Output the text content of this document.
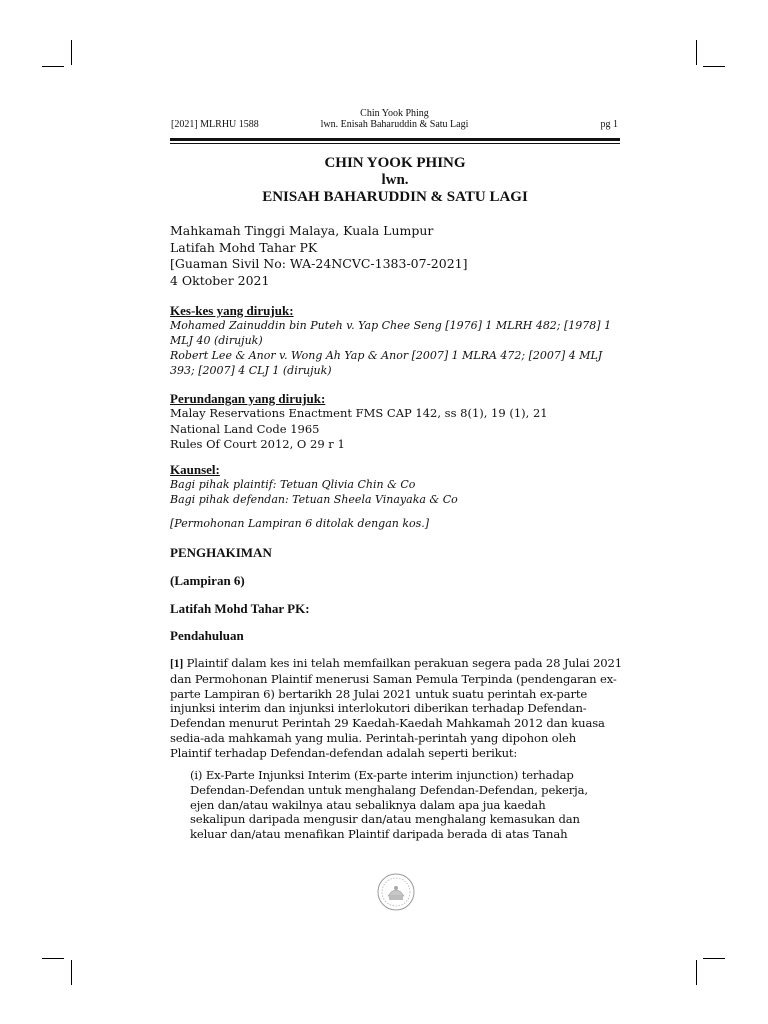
Chin Yook Phing
[2021] MLRHU 1588	lwn. Enisah Baharuddin & Satu Lagi	pg 1
CHIN YOOK PHING
lwn.
ENISAH BAHARUDDIN & SATU LAGI
Mahkamah Tinggi Malaya, Kuala Lumpur
Latifah Mohd Tahar PK
[Guaman Sivil No: WA-24NCVC-1383-07-2021]
4 Oktober 2021
Kes-kes yang dirujuk:
Mohamed Zainuddin bin Puteh v. Yap Chee Seng [1976] 1 MLRH 482; [1978] 1
MLJ 40 (dirujuk)
Robert Lee & Anor v. Wong Ah Yap & Anor [2007] 1 MLRA 472; [2007] 4 MLJ
393; [2007] 4 CLJ 1 (dirujuk)
Perundangan yang dirujuk:
Malay Reservations Enactment FMS CAP 142, ss 8(1), 19 (1), 21
National Land Code 1965
Rules Of Court 2012, O 29 r 1
Kaunsel:
Bagi pihak plaintif: Tetuan Qlivia Chin & Co
Bagi pihak defendan: Tetuan Sheela Vinayaka & Co
[Permohonan Lampiran 6 ditolak dengan kos.]
PENGHAKIMAN
(Lampiran 6)
Latifah Mohd Tahar PK:
Pendahuluan
[1] Plaintif dalam kes ini telah memfailkan perakuan segera pada 28 Julai 2021
dan Permohonan Plaintif menerusi Saman Pemula Terpinda (pendengaran ex-
parte Lampiran 6) bertarikh 28 Julai 2021 untuk suatu perintah ex-parte
injunksi interim dan injunksi interlokutori diberikan terhadap Defendan-
Defendan menurut Perintah 29 Kaedah-Kaedah Mahkamah 2012 dan kuasa
sedia-ada mahkamah yang mulia. Perintah-perintah yang dipohon oleh
Plaintif terhadap Defendan-defendan adalah seperti berikut:
(i) Ex-Parte Injunksi Interim (Ex-parte interim injunction) terhadap
Defendan-Defendan untuk menghalang Defendan-Defendan, pekerja,
ejen dan/atau wakilnya atau sebaliknya dalam apa jua kaedah
sekalipun daripada mengusir dan/atau menghalang kemasukan dan
keluar dan/atau menafikan Plaintif daripada berada di atas Tanah
